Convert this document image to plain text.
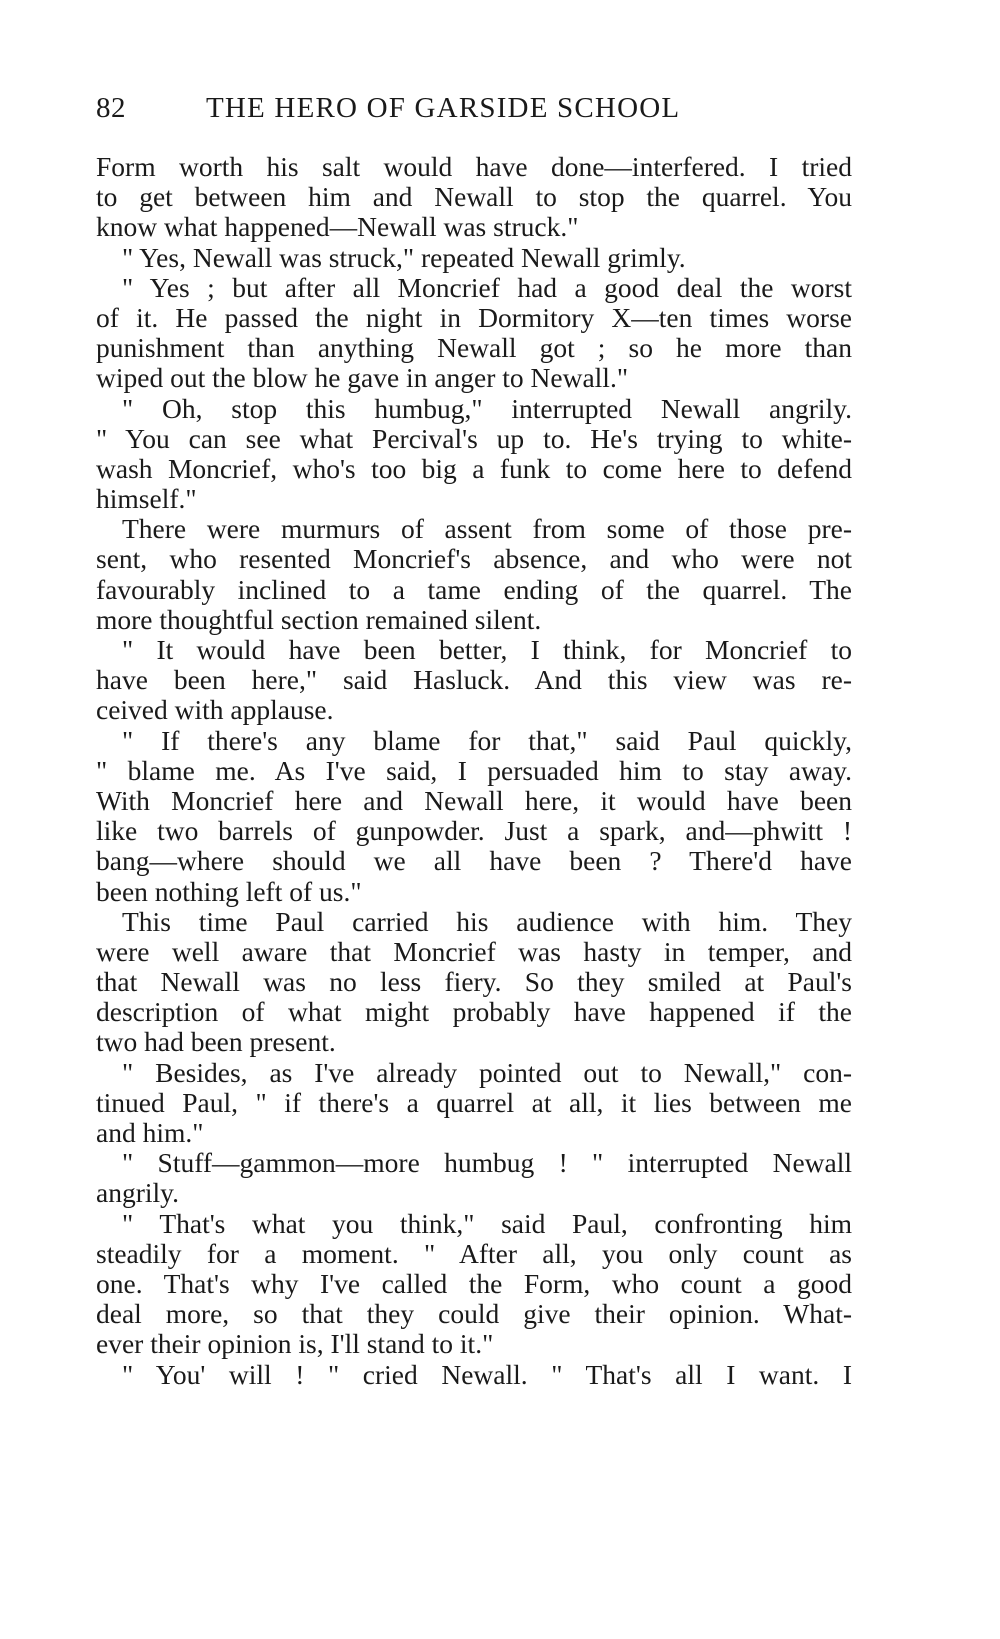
82	THE HERO OF GARSIDE SCHOOL
Form worth his salt would have done—interfered. I tried
to get between him and Newall to stop the quarrel. You
know what happened—Newall was struck."
" Yes, Newall was struck," repeated Newall grimly.
" Yes ; but after all Moncrief had a good deal the worst
of it. He passed the night in Dormitory X—ten times worse
punishment than anything Newall got ; so he more than
wiped out the blow he gave in anger to Newall."
" Oh, stop this humbug," interrupted Newall angrily.
" You can see what Percival's up to. He's trying to white-
wash Moncrief, who's too big a funk to come here to defend
himself."
There were murmurs of assent from some of those pre-
sent, who resented Moncrief's absence, and who were not
favourably inclined to a tame ending of the quarrel. The
more thoughtful section remained silent.
" It would have been better, I think, for Moncrief to
have been here," said Hasluck. And this view was re-
ceived with applause.
" If there's any blame for that," said Paul quickly,
" blame me. As I've said, I persuaded him to stay away.
With Moncrief here and Newall here, it would have been
like two barrels of gunpowder. Just a spark, and—phwitt !
bang—where should we all have been ? There'd have
been nothing left of us."
This time Paul carried his audience with him. They
were well aware that Moncrief was hasty in temper, and
that Newall was no less fiery. So they smiled at Paul's
description of what might probably have happened if the
two had been present.
" Besides, as I've already pointed out to Newall," con-
tinued Paul, " if there's a quarrel at all, it lies between me
and him."
" Stuff—gammon—more humbug ! " interrupted Newall
angrily.
" That's what you think," said Paul, confronting him
steadily for a moment. " After all, you only count as
one. That's why I've called the Form, who count a good
deal more, so that they could give their opinion. What-
ever their opinion is, I'll stand to it."
" You' will ! " cried Newall. " That's all I want. I
